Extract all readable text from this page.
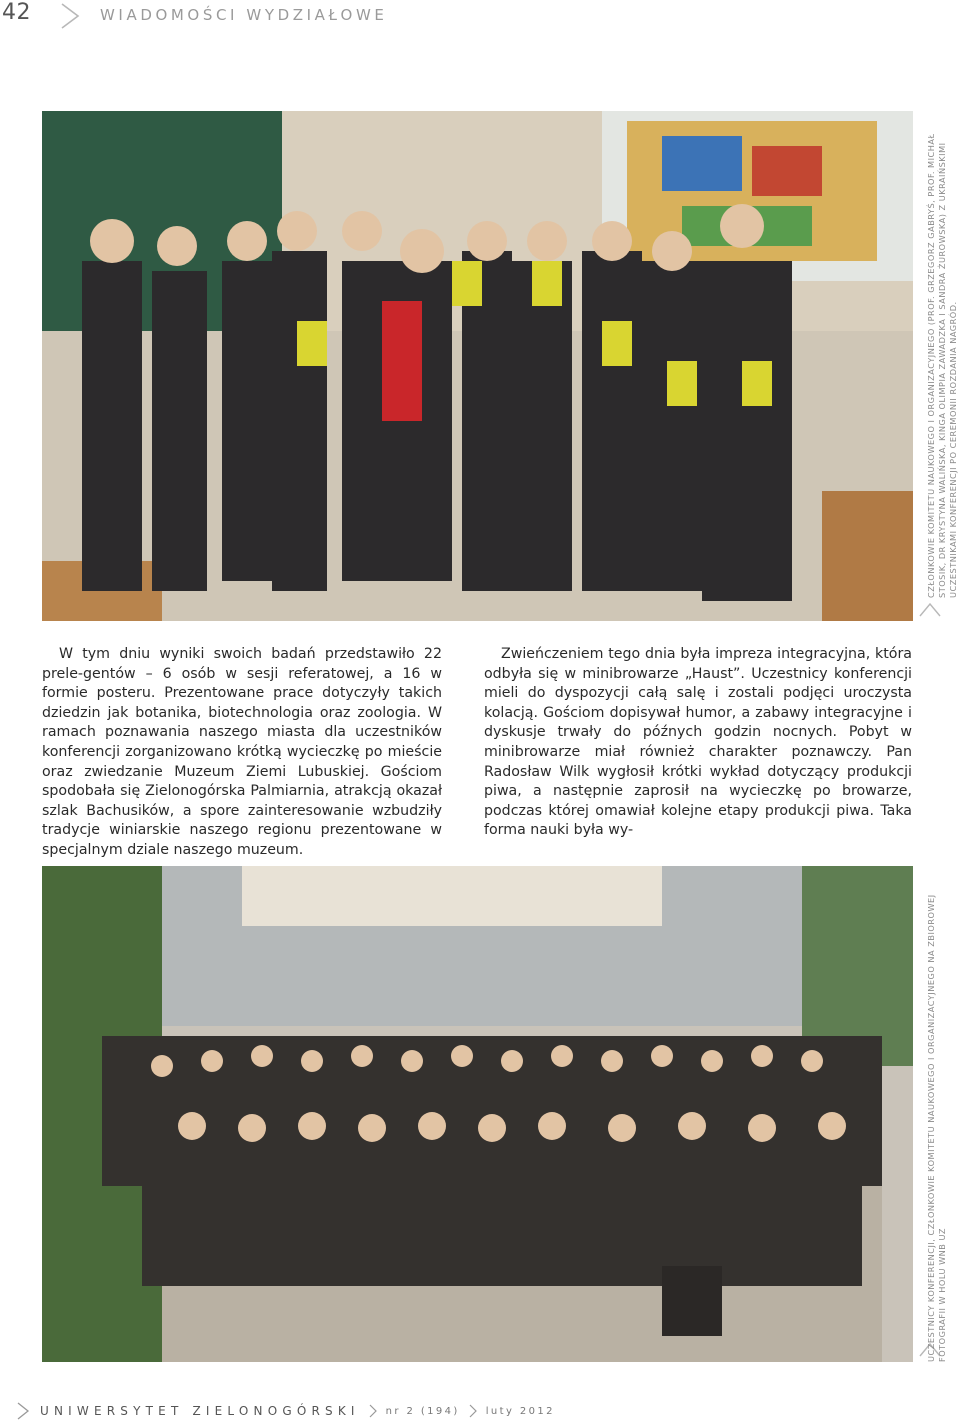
42	WIADOMOŚCI WYDZIAŁOWE
CZŁONKOWIE KOMITETU NAUKOWEGO I ORGANIZACYJNEGO (PROF. GRZEGORZ GABRYŚ, PROF. MICHAŁ STOSIK, DR KRYSTYNA WALIŃSKA, KINGA OLIMPIA ZAWADZKA I SANDRA ŻUROWSKA) Z UKRAIŃSKIMI UCZESTNIKAMI KONFERENCJI PO CEREMONII ROZDANIA NAGRÓD.

W tym dniu wyniki swoich badań przedstawiło 22 prele-gentów – 6 osób w sesji referatowej, a 16 w formie posteru. Prezentowane prace dotyczyły takich dziedzin jak botanika, biotechnologia oraz zoologia. W ramach poznawania naszego miasta dla uczestników konferencji zorganizowano krótką wycieczkę po mieście oraz zwiedzanie Muzeum Ziemi Lubuskiej. Gościom spodobała się Zielonogórska Palmiarnia, atrakcją okazał szlak Bachusików, a spore zainteresowanie wzbudziły tradycje winiarskie naszego regionu prezentowane w specjalnym dziale naszego muzeum.

Zwieńczeniem tego dnia była impreza integracyjna, która odbyła się w minibrowarze „Haust”. Uczestnicy konferencji mieli do dyspozycji całą salę i zostali podjęci uroczysta kolacją. Gościom dopisywał humor, a zabawy integracyjne i dyskusje trwały do późnych godzin nocnych. Pobyt w minibrowarze miał również charakter poznawczy. Pan Radosław Wilk wygłosił krótki wykład dotyczący produkcji piwa, a następnie zaprosił na wycieczkę po browarze, podczas której omawiał kolejne etapy produkcji piwa. Taka forma nauki była wy-

UCZESTNICY KONFERENCJI, CZŁONKOWIE KOMITETU NAUKOWEGO I ORGANIZACYJNEGO NA ZBIOROWEJ FOTOGRAFII W HOLU WNB UZ
UNIWERSYTET ZIELONOGÓRSKI	nr 2 (194)	luty 2012
